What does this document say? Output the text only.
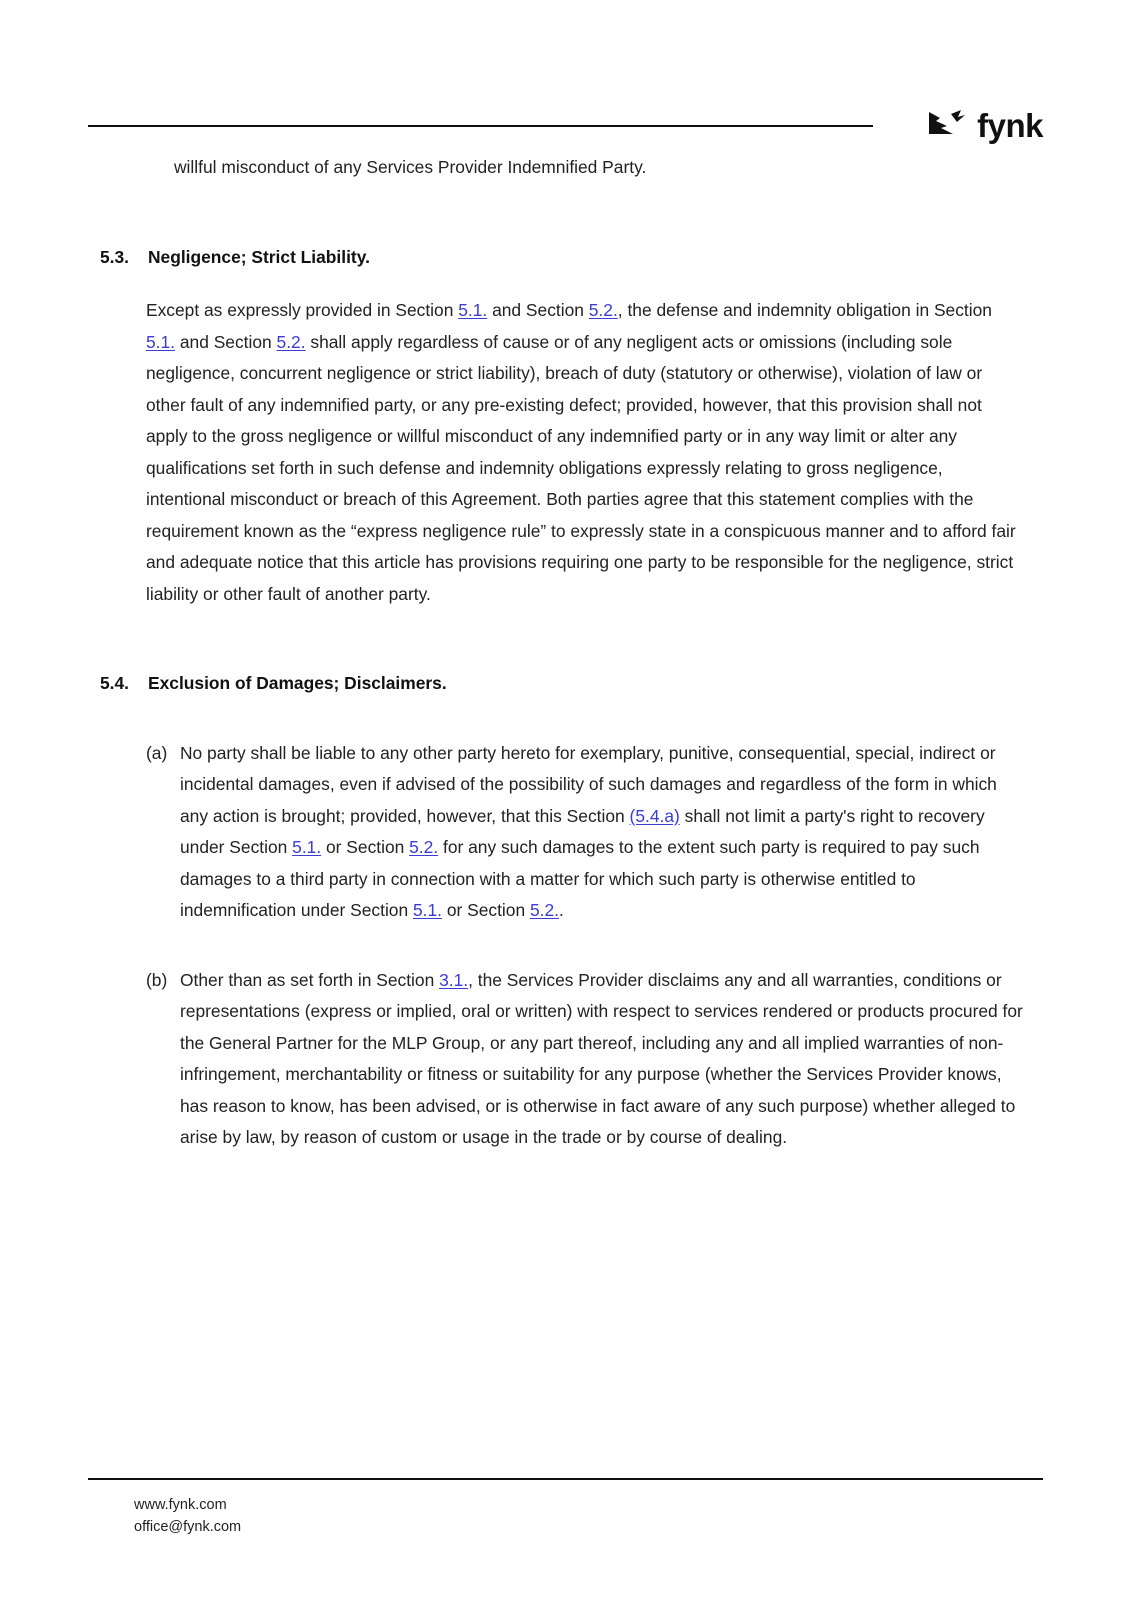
fynk

willful misconduct of any Services Provider Indemnified Party.

5.3.	Negligence; Strict Liability.

Except as expressly provided in Section 5.1. and Section 5.2., the defense and indemnity obligation in Section 5.1. and Section 5.2. shall apply regardless of cause or of any negligent acts or omissions (including sole negligence, concurrent negligence or strict liability), breach of duty (statutory or otherwise), violation of law or other fault of any indemnified party, or any pre-existing defect; provided, however, that this provision shall not apply to the gross negligence or willful misconduct of any indemnified party or in any way limit or alter any qualifications set forth in such defense and indemnity obligations expressly relating to gross negligence, intentional misconduct or breach of this Agreement. Both parties agree that this statement complies with the requirement known as the “express negligence rule” to expressly state in a conspicuous manner and to afford fair and adequate notice that this article has provisions requiring one party to be responsible for the negligence, strict liability or other fault of another party.

5.4.	Exclusion of Damages; Disclaimers.
(a) No party shall be liable to any other party hereto for exemplary, punitive, consequential, special, indirect or incidental damages, even if advised of the possibility of such damages and regardless of the form in which any action is brought; provided, however, that this Section (5.4.a) shall not limit a party's right to recovery under Section 5.1. or Section 5.2. for any such damages to the extent such party is required to pay such damages to a third party in connection with a matter for which such party is otherwise entitled to indemnification under Section 5.1. or Section 5.2..

(b) Other than as set forth in Section 3.1., the Services Provider disclaims any and all warranties, conditions or representations (express or implied, oral or written) with respect to services rendered or products procured for the General Partner for the MLP Group, or any part thereof, including any and all implied warranties of non-infringement, merchantability or fitness or suitability for any purpose (whether the Services Provider knows, has reason to know, has been advised, or is otherwise in fact aware of any such purpose) whether alleged to arise by law, by reason of custom or usage in the trade or by course of dealing.

www.fynk.com
office@fynk.com
